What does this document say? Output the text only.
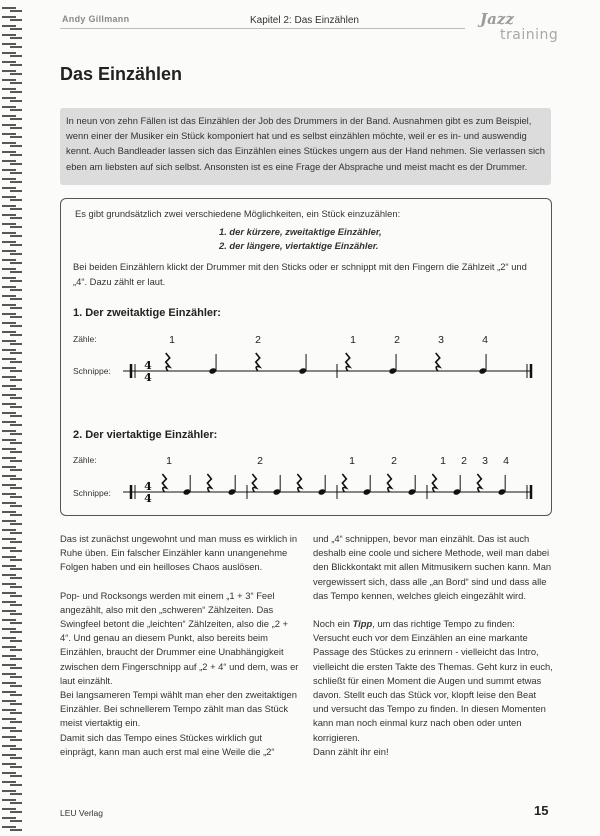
Andy Gillmann	Kapitel 2: Das Einzählen	Jazz
training
Das Einzählen
In neun von zehn Fällen ist das Einzählen der Job des Drummers in der Band. Ausnahmen gibt es zum Beispiel, wenn einer der Musiker ein Stück komponiert hat und es selbst einzählen möchte, weil er es in- und auswendig kennt. Auch Bandleader lassen sich das Einzählen eines Stückes ungern aus der Hand nehmen. Sie verlassen sich eben am liebsten auf sich selbst. Ansonsten ist es eine Frage der Absprache und meist macht es der Drummer.
Es gibt grundsätzlich zwei verschiedene Möglichkeiten, ein Stück einzuzählen:
1. der kürzere, zweitaktige Einzähler,
2. der längere, viertaktige Einzähler.
Bei beiden Einzählern klickt der Drummer mit den Sticks oder er schnippt mit den Fingern die Zählzeit „2“ und „4“. Dazu zählt er laut.
1. Der zweitaktige Einzähler:
Zähle:
Schnippe:
1	2	1	2	3	4
2. Der viertaktige Einzähler:
Zähle:
Schnippe:
1	2	1	2	1 2 3 4
4
4
4
4

Das ist zunächst ungewohnt und man muss es wirklich in Ruhe üben. Ein falscher Einzähler kann unangenehme Folgen haben und ein heilloses Chaos auslösen.

Pop- und Rocksongs werden mit einem „1 + 3“ Feel angezählt, also mit den „schweren“ Zählzeiten. Das Swingfeel betont die „leichten“ Zählzeiten, also die „2 + 4“. Und genau an diesem Punkt, also bereits beim Einzählen, braucht der Drummer eine Unabhängigkeit zwischen dem Fingerschnipp auf „2 + 4“ und dem, was er laut einzählt.

Bei langsameren Tempi wählt man eher den zweitaktigen Einzähler. Bei schnellerem Tempo zählt man das Stück meist viertaktig ein.

Damit sich das Tempo eines Stückes wirklich gut einprägt, kann man auch erst mal eine Weile die „2“

und „4“ schnippen, bevor man einzählt. Das ist auch deshalb eine coole und sichere Methode, weil man dabei den Blickkontakt mit allen Mitmusikern suchen kann. Man vergewissert sich, dass alle „an Bord“ sind und dass alle das Tempo kennen, welches gleich eingezählt wird.

Noch ein Tipp, um das richtige Tempo zu finden: Versucht euch vor dem Einzählen an eine markante Passage des Stückes zu erinnern - vielleicht das Intro, vielleicht die ersten Takte des Themas. Geht kurz in euch, schließt für einen Moment die Augen und summt etwas davon. Stellt euch das Stück vor, klopft leise den Beat und versucht das Tempo zu finden. In diesen Momenten kann man noch einmal kurz nach oben oder unten korrigieren.

Dann zählt ihr ein!

LEU Verlag	15
